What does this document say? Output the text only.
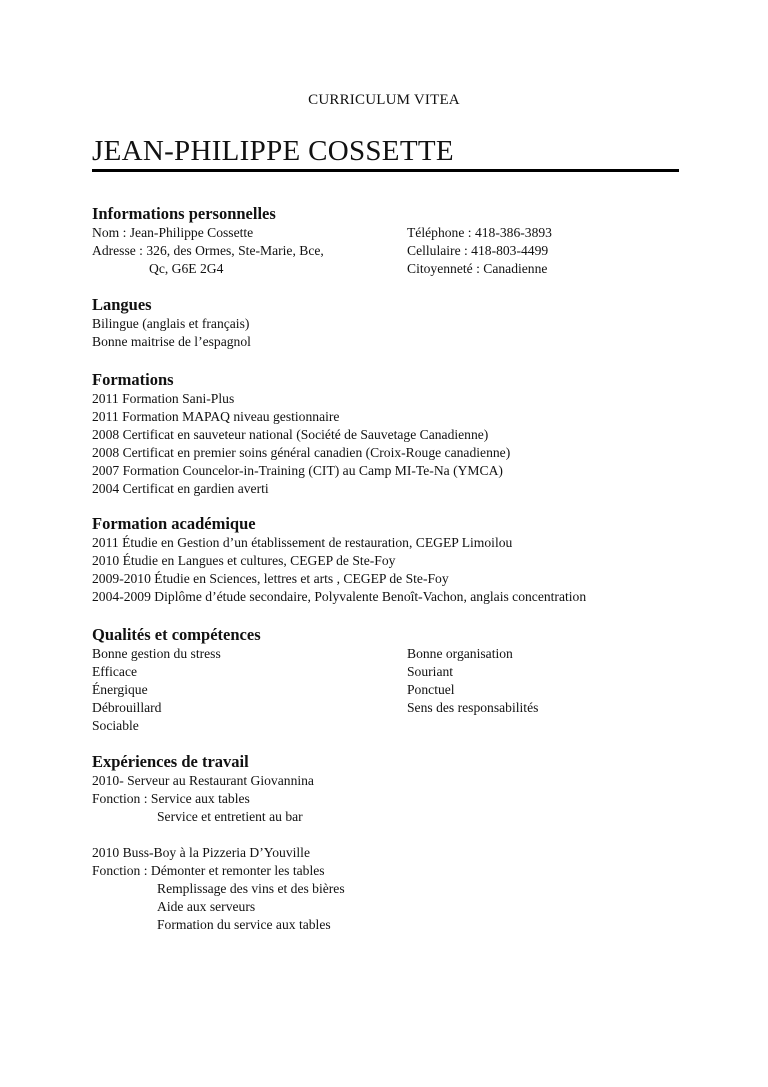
CURRICULUM VITEA
JEAN-PHILIPPE COSSETTE
Informations personnelles
Nom : Jean-Philippe Cossette
Adresse : 326, des Ormes, Ste-Marie, Bce,
Qc, G6E 2G4
Téléphone : 418-386-3893
Cellulaire : 418-803-4499
Citoyenneté : Canadienne
Langues
Bilingue (anglais et français)
Bonne maitrise de l’espagnol
Formations
2011 Formation Sani-Plus
2011 Formation MAPAQ niveau gestionnaire
2008 Certificat en sauveteur national (Société de Sauvetage Canadienne)
2008 Certificat en premier soins général canadien (Croix-Rouge canadienne)
2007 Formation Councelor-in-Training (CIT) au Camp MI-Te-Na (YMCA)
2004 Certificat en gardien averti
Formation académique
2011 Étudie en Gestion d’un établissement de restauration, CEGEP Limoilou
2010 Étudie en Langues et cultures, CEGEP de Ste-Foy
2009-2010 Étudie en Sciences, lettres et arts , CEGEP de Ste-Foy
2004-2009 Diplôme d’étude secondaire, Polyvalente Benoît-Vachon, anglais concentration
Qualités et compétences
Bonne gestion du stress
Efficace
Énergique
Débrouillard
Sociable
Bonne organisation
Souriant
Ponctuel
Sens des responsabilités
Expériences de travail
2010- Serveur au Restaurant Giovannina
Fonction : Service aux tables
Service et entretient au bar
2010 Buss-Boy à la Pizzeria D’Youville
Fonction : Démonter et remonter les tables
Remplissage des vins et des bières
Aide aux serveurs
Formation du service aux tables
